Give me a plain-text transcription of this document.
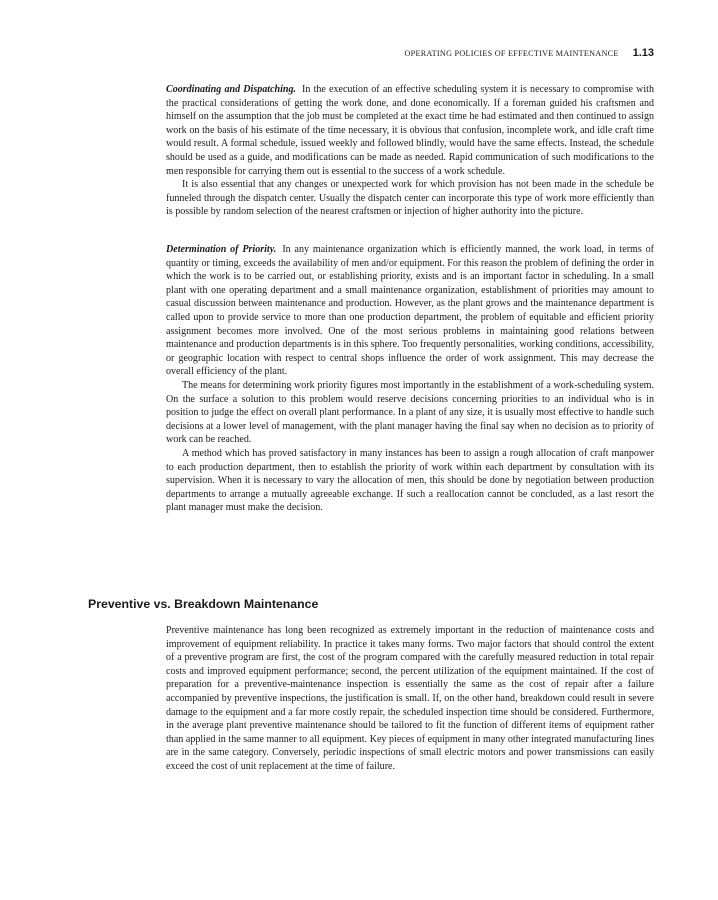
OPERATING POLICIES OF EFFECTIVE MAINTENANCE 1.13

Coordinating and Dispatching. In the execution of an effective scheduling system it is necessary to compromise with the practical considerations of getting the work done, and done economically. If a foreman guided his craftsmen and himself on the assumption that the job must be completed at the exact time he had estimated and then continued to assign work on the basis of his estimate of the time necessary, it is obvious that confusion, incomplete work, and idle craft time would result. A formal schedule, issued weekly and followed blindly, would have the same effects. Instead, the schedule should be used as a guide, and modifications can be made as needed. Rapid communication of such modifications to the men responsible for carrying them out is essential to the success of a work schedule.

It is also essential that any changes or unexpected work for which provision has not been made in the schedule be funneled through the dispatch center. Usually the dispatch center can incorporate this type of work more efficiently than is possible by random selection of the nearest craftsmen or injection of higher authority into the picture.

Determination of Priority. In any maintenance organization which is efficiently manned, the work load, in terms of quantity or timing, exceeds the availability of men and/or equipment. For this reason the problem of defining the order in which the work is to be carried out, or establishing priority, exists and is an important factor in scheduling. In a small plant with one operating department and a small maintenance organization, establishment of priorities may amount to casual discussion between maintenance and production. However, as the plant grows and the maintenance department is called upon to provide service to more than one production department, the problem of equitable and efficient priority assignment becomes more involved. One of the most serious problems in maintaining good relations between maintenance and production departments is in this sphere. Too frequently personalities, working conditions, accessibility, or geographic location with respect to central shops influence the order of work assignment. This may decrease the overall efficiency of the plant.

The means for determining work priority figures most importantly in the establishment of a work-scheduling system. On the surface a solution to this problem would reserve decisions concerning priorities to an individual who is in position to judge the effect on overall plant performance. In a plant of any size, it is usually most effective to handle such decisions at a lower level of management, with the plant manager having the final say when no decision as to priority of work can be reached.

A method which has proved satisfactory in many instances has been to assign a rough allocation of craft manpower to each production department, then to establish the priority of work within each department by consultation with its supervision. When it is necessary to vary the allocation of men, this should be done by negotiation between production departments to arrange a mutually agreeable exchange. If such a reallocation cannot be concluded, as a last resort the plant manager must make the decision.

Preventive vs. Breakdown Maintenance

Preventive maintenance has long been recognized as extremely important in the reduction of maintenance costs and improvement of equipment reliability. In practice it takes many forms. Two major factors that should control the extent of a preventive program are first, the cost of the program compared with the carefully measured reduction in total repair costs and improved equipment performance; second, the percent utilization of the equipment maintained. If the cost of preparation for a preventive-maintenance inspection is essentially the same as the cost of repair after a failure accompanied by preventive inspections, the justification is small. If, on the other hand, breakdown could result in severe damage to the equipment and a far more costly repair, the scheduled inspection time should be considered. Furthermore, in the average plant preventive maintenance should be tailored to fit the function of different items of equipment rather than applied in the same manner to all equipment. Key pieces of equipment in many other integrated manufacturing lines are in the same category. Conversely, periodic inspections of small electric motors and power transmissions can easily exceed the cost of unit replacement at the time of failure.
